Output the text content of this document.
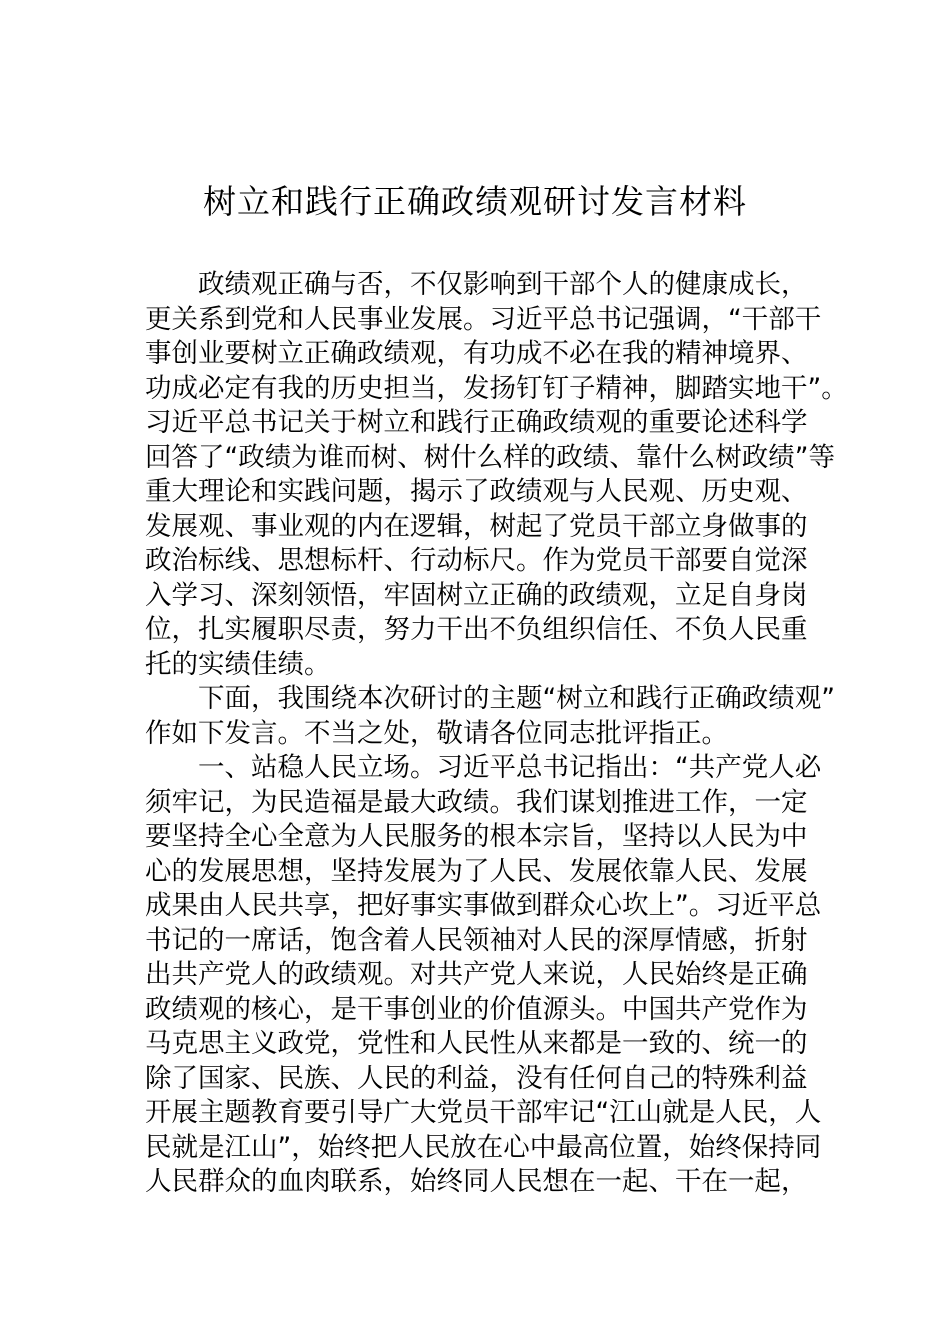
树立和践行正确政绩观研讨发言材料
政绩观正确与否，不仅影响到干部个人的健康成长，
更关系到党和人民事业发展。习近平总书记强调，“干部干
事创业要树立正确政绩观，有功成不必在我的精神境界、
功成必定有我的历史担当，发扬钉钉子精神，脚踏实地干”。
习近平总书记关于树立和践行正确政绩观的重要论述科学
回答了“政绩为谁而树、树什么样的政绩、靠什么树政绩”等
重大理论和实践问题，揭示了政绩观与人民观、历史观、
发展观、事业观的内在逻辑，树起了党员干部立身做事的
政治标线、思想标杆、行动标尺。作为党员干部要自觉深
入学习、深刻领悟，牢固树立正确的政绩观，立足自身岗
位，扎实履职尽责，努力干出不负组织信任、不负人民重
托的实绩佳绩。
下面，我围绕本次研讨的主题“树立和践行正确政绩观”
作如下发言。不当之处，敬请各位同志批评指正。
一、站稳人民立场。习近平总书记指出：“共产党人必
须牢记，为民造福是最大政绩。我们谋划推进工作，一定
要坚持全心全意为人民服务的根本宗旨，坚持以人民为中
心的发展思想，坚持发展为了人民、发展依靠人民、发展
成果由人民共享，把好事实事做到群众心坎上”。习近平总
书记的一席话，饱含着人民领袖对人民的深厚情感，折射
出共产党人的政绩观。对共产党人来说，人民始终是正确
政绩观的核心，是干事创业的价值源头。中国共产党作为
马克思主义政党，党性和人民性从来都是一致的、统一的
除了国家、民族、人民的利益，没有任何自己的特殊利益
开展主题教育要引导广大党员干部牢记“江山就是人民，人
民就是江山”，始终把人民放在心中最高位置，始终保持同
人民群众的血肉联系，始终同人民想在一起、干在一起，
